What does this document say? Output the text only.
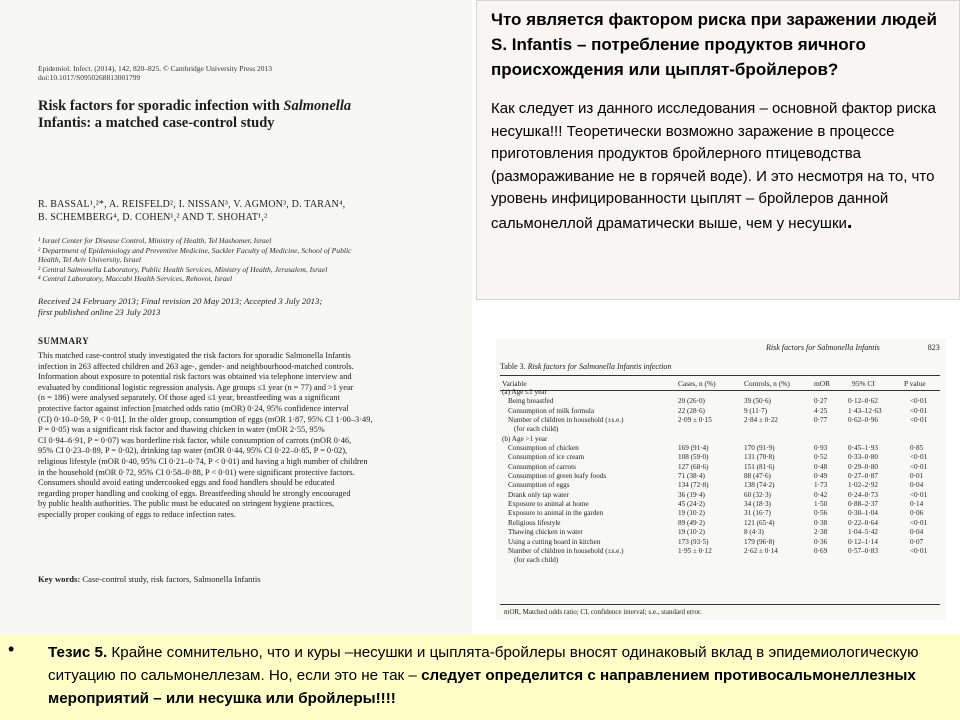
Epidemiol. Infect. (2014), 142, 820–825. © Cambridge University Press 2013
doi:10.1017/S0950268813001799
Risk factors for sporadic infection with Salmonella
Infantis: a matched case-control study
R. BASSAL¹,²*, A. REISFELD², I. NISSAN³, V. AGMON³, D. TARAN⁴,
B. SCHEMBERG⁴, D. COHEN¹,² AND T. SHOHAT¹,²
¹ Israel Center for Disease Control, Ministry of Health, Tel Hashomer, Israel
² Department of Epidemiology and Preventive Medicine, Sackler Faculty of Medicine, School of Public
Health, Tel Aviv University, Israel
³ Central Salmonella Laboratory, Public Health Services, Ministry of Health, Jerusalem, Israel
⁴ Central Laboratory, Maccabi Health Services, Rehovot, Israel
Received 24 February 2013; Final revision 20 May 2013; Accepted 3 July 2013;
first published online 23 July 2013
SUMMARY
This matched case-control study investigated the risk factors for sporadic Salmonella Infantis
infection in 263 affected children and 263 age-, gender- and neighbourhood-matched controls.
Information about exposure to potential risk factors was obtained via telephone interview and
evaluated by conditional logistic regression analysis. Age groups ≤1 year (n = 77) and >1 year
(n = 186) were analysed separately. Of those aged ≤1 year, breastfeeding was a significant
protective factor against infection [matched odds ratio (mOR) 0·24, 95% confidence interval
(CI) 0·10–0·59, P < 0·01]. In the older group, consumption of eggs (mOR 1·87, 95% CI 1·00–3·49,
P = 0·05) was a significant risk factor and thawing chicken in water (mOR 2·55, 95%
CI 0·94–6·91, P = 0·07) was borderline risk factor, while consumption of carrots (mOR 0·46,
95% CI 0·23–0·89, P = 0·02), drinking tap water (mOR 0·44, 95% CI 0·22–0·85, P = 0·02),
religious lifestyle (mOR 0·40, 95% CI 0·21–0·74, P < 0·01) and having a high number of children
in the household (mOR 0·72, 95% CI 0·58–0·88, P < 0·01) were significant protective factors.
Consumers should avoid eating undercooked eggs and food handlers should be educated
regarding proper handling and cooking of eggs. Breastfeeding should be strongly encouraged
by public health authorities. The public must be educated on stringent hygiene practices,
especially proper cooking of eggs to reduce infection rates.
Key words: Case-control study, risk factors, Salmonella Infantis
Что является фактором риска при заражении людей S. Infantis – потребление продуктов яичного происхождения или цыплят-бройлеров?
Как следует из данного исследования – основной фактор риска несушка!!! Теоретически возможно заражение в процессе приготовления продуктов бройлерного птицеводства (размораживание не в горячей воде). И это несмотря на то, что уровень инфицированности цыплят – бройлеров данной сальмонеллой драматически выше, чем у несушки.
Risk factors for Salmonella Infantis	823
Table 3. Risk factors for Salmonella Infantis infection
Variable	Cases, n (%)	Controls, n (%)	mOR	95% CI	P value
(a) Age ≤1 year
Being breastfed	20 (26·0)	39 (50·6)	0·27	0·12–0·62	<0·01
Consumption of milk formula	22 (28·6)	9 (11·7)	4·25	1·43–12·63	<0·01
Number of children in household (±s.e.)	2·09 ± 0·15	2·84 ± 0·22	0·77	0·62–0·96	<0·01
(for each child)
(b) Age >1 year
Consumption of chicken	169 (91·4)	170 (91·9)	0·93	0·45–1·93	0·85
Consumption of ice cream	108 (59·0)	131 (70·8)	0·52	0·33–0·80	<0·01
Consumption of carrots	127 (68·6)	151 (81·6)	0·48	0·29–0·80	<0·01
Consumption of green leafy foods	71 (38·4)	88 (47·6)	0·49	0·27–0·87	0·01
Consumption of eggs	134 (72·8)	138 (74·2)	1·73	1·02–2·92	0·04
Drank only tap water	36 (19·4)	60 (32·3)	0·42	0·24–0·73	<0·01
Exposure to animal at home	45 (24·2)	34 (18·3)	1·50	0·88–2·37	0·14
Exposure to animal in the garden	19 (10·2)	31 (16·7)	0·56	0·30–1·04	0·06
Religious lifestyle	89 (49·2)	121 (65·4)	0·38	0·22–0·64	<0·01
Thawing chicken in water	19 (10·2)	8 (4·3)	2·38	1·04–5·42	0·04
Using a cutting board in kitchen	173 (93·5)	179 (96·8)	0·36	0·12–1·14	0·07
Number of children in household (±s.e.)	1·95 ± 0·12	2·62 ± 0·14	0·69	0·57–0·83	<0·01
(for each child)
mOR, Matched odds ratio; CI, confidence interval; s.e., standard error.
• Тезис 5. Крайне сомнительно, что и куры –несушки и цыплята-бройлеры вносят одинаковый вклад в эпидемиологическую ситуацию по сальмонеллезам. Но, если это не так – следует определится с направлением противосальмонеллезных мероприятий – или несушка или бройлеры!!!!
